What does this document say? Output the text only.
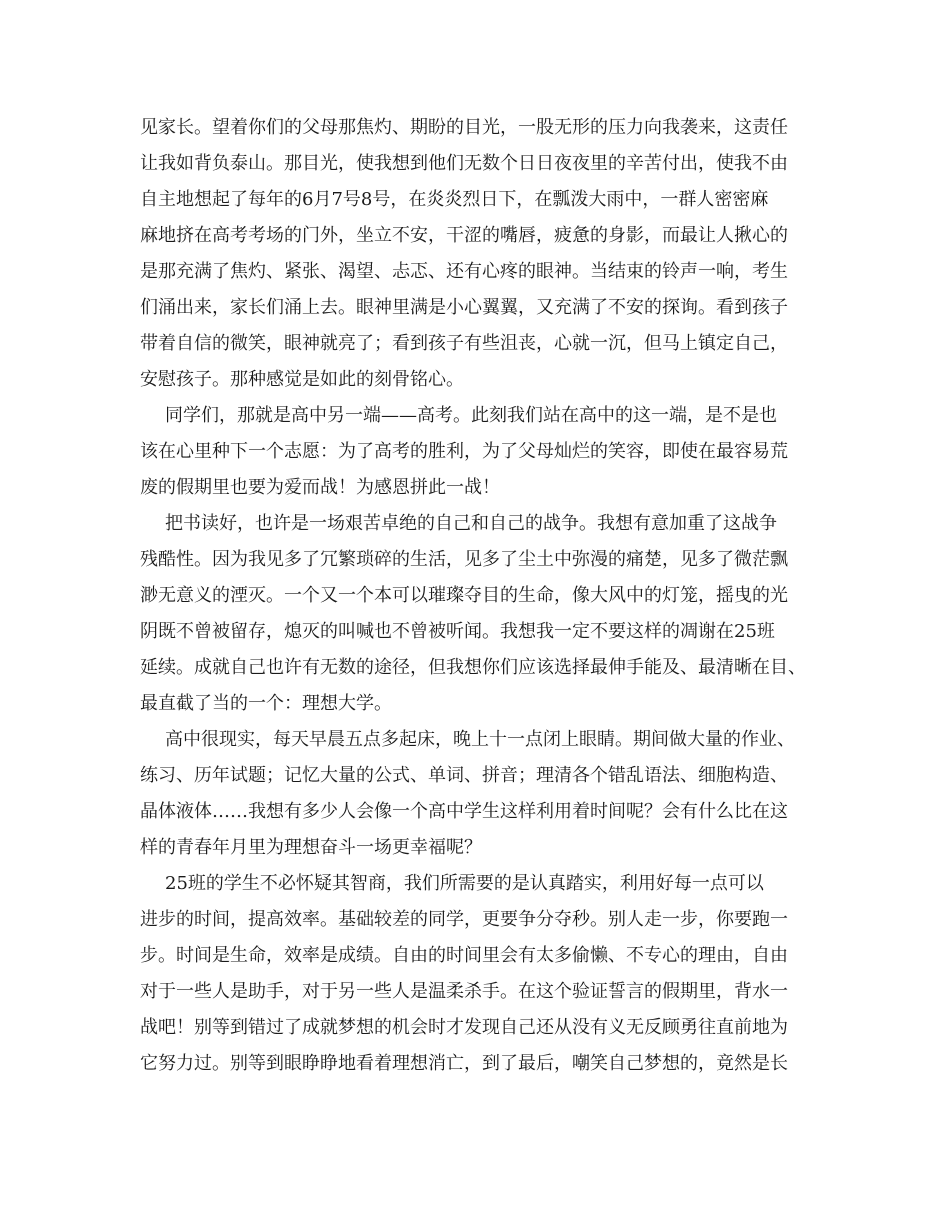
见家长。望着你们的父母那焦灼、期盼的目光，一股无形的压力向我袭来，这责任
让我如背负泰山。那目光，使我想到他们无数个日日夜夜里的辛苦付出，使我不由
自主地想起了每年的6月7号8号，在炎炎烈日下，在瓢泼大雨中，一群人密密麻
麻地挤在高考考场的门外，坐立不安，干涩的嘴唇，疲惫的身影，而最让人揪心的
是那充满了焦灼、紧张、渴望、忐忑、还有心疼的眼神。当结束的铃声一响，考生
们涌出来，家长们涌上去。眼神里满是小心翼翼，又充满了不安的探询。看到孩子
带着自信的微笑，眼神就亮了；看到孩子有些沮丧，心就一沉，但马上镇定自己，
安慰孩子。那种感觉是如此的刻骨铭心。
同学们，那就是高中另一端——高考。此刻我们站在高中的这一端，是不是也
该在心里种下一个志愿：为了高考的胜利，为了父母灿烂的笑容，即使在最容易荒
废的假期里也要为爱而战！为感恩拼此一战！
把书读好，也许是一场艰苦卓绝的自己和自己的战争。我想有意加重了这战争
残酷性。因为我见多了冗繁琐碎的生活，见多了尘土中弥漫的痛楚，见多了微茫飘
渺无意义的湮灭。一个又一个本可以璀璨夺目的生命，像大风中的灯笼，摇曳的光
阴既不曾被留存，熄灭的叫喊也不曾被听闻。我想我一定不要这样的凋谢在25班
延续。成就自己也许有无数的途径，但我想你们应该选择最伸手能及、最清晰在目、
最直截了当的一个：理想大学。
高中很现实，每天早晨五点多起床，晚上十一点闭上眼睛。期间做大量的作业、
练习、历年试题；记忆大量的公式、单词、拼音；理清各个错乱语法、细胞构造、
晶体液体……我想有多少人会像一个高中学生这样利用着时间呢？会有什么比在这
样的青春年月里为理想奋斗一场更幸福呢？
25班的学生不必怀疑其智商，我们所需要的是认真踏实，利用好每一点可以
进步的时间，提高效率。基础较差的同学，更要争分夺秒。别人走一步，你要跑一
步。时间是生命，效率是成绩。自由的时间里会有太多偷懒、不专心的理由，自由
对于一些人是助手，对于另一些人是温柔杀手。在这个验证誓言的假期里，背水一
战吧！别等到错过了成就梦想的机会时才发现自己还从没有义无反顾勇往直前地为
它努力过。别等到眼睁睁地看着理想消亡，到了最后，嘲笑自己梦想的，竟然是长
